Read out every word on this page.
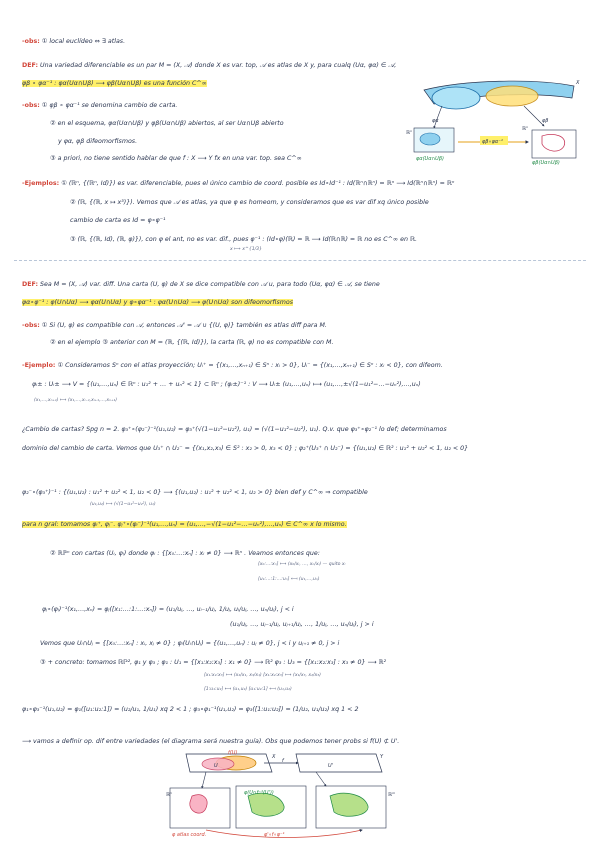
-obs: ① local euclídeo ⇔ ∃ atlas.
DEF: Una variedad diferenciable es un par M = (X, 𝒜) donde X es var. top, 𝒜 es atlas de X y, para cualq (Uα, φα) ∈ 𝒜,
φβ ∘ φα⁻¹ : φα(Uα∩Uβ) ⟶ φβ(Uα∩Uβ) es una función C^∞
-obs: ① φβ ∘ φα⁻¹ se denomina cambio de carta.
② en el esquema, φα(Uα∩Uβ) y φβ(Uα∩Uβ) abiertos, al ser Uα∩Uβ abierto
y φα, φβ difeomorfismos.
③ a priori, no tiene sentido hablar de que f : X ⟶ Y fx en una var. top. sea C^∞
φβ∘φα⁻¹
φα	φβ
ℝⁿ
ℝⁿ
X
φα(Uα∩Uβ)
φβ(Uα∩Uβ)
-Ejemplos: ① (ℝⁿ, {(ℝⁿ, Id)}) es var. diferenciable, pues el único cambio de coord. posible es Id∘Id⁻¹ : Id(ℝⁿ∩ℝⁿ) = ℝⁿ ⟶ Id(ℝⁿ∩ℝⁿ) = ℝⁿ
② (ℝ, {(ℝ, x ↦ x³)}). Vemos que 𝒜 es atlas, ya que φ es homeom, y consideramos que es var dif xq único posible
cambio de carta es Id = φ∘φ⁻¹
③ (ℝ, {(ℝ, Id), (ℝ, φ)}), con φ el ant, no es var. dif., pues φ⁻¹ : (Id∘φ)(ℝ) = ℝ ⟶ Id(ℝ∩ℝ) = ℝ no es C^∞ en ℝ.
x ⟼ x^{1/3}
DEF: Sea M = (X, 𝒜) var. diff. Una carta (U, φ) de X se dice compatible con 𝒜 u, para todo (Uα, φα) ∈ 𝒜, se tiene
φα∘φ⁻¹ : φ(U∩Uα) ⟶ φα(U∩Uα) y φ∘φα⁻¹ : φα(U∩Uα) ⟶ φ(U∩Uα) son difeomorfismos
-obs: ① Si (U, φ) es compatible con 𝒜, entonces 𝒜' = 𝒜 ∪ {(U, φ)} también es atlas diff para M.
② en el ejemplo ③ anterior con M = (ℝ, {(ℝ, Id)}), la carta (ℝ, φ) no es compatible con M.
-Ejemplo: ① Consideramos Sⁿ con el atlas proyección; Uᵢ⁺ = {(x₁,…,xₙ₊₁) ∈ Sⁿ : xᵢ > 0}, Uᵢ⁻ = {(x₁,…,xₙ₊₁) ∈ Sⁿ : xᵢ < 0}, con difeom.
φᵢ± : Uᵢ± ⟶ V = {(u₁,…,uₙ) ∈ ℝⁿ : u₁² + … + uₙ² < 1} ⊂ ℝⁿ ; (φᵢ±)⁻¹ : V ⟶ Uᵢ± (u₁,…,uₙ) ⟼ (u₁,…,±√(1−u₁²−…−uₙ²),…,uₙ)
(x₁,…,xₙ₊₁) ⟼ (x₁,…,xᵢ₋₁,xᵢ₊₁,…,xₙ₊₁)
¿Cambio de cartas? Spg n = 2. φ₃⁺∘(φ₂⁻)⁻¹(u₁,u₂) = φ₃⁺(√(1−u₁²−u₂²), u₁) = (√(1−u₁²−u₂²), u₁). Q.v. que φ₃⁺∘φ₂⁻¹ lo def; determinamos
dominio del cambio de carta. Vemos que U₃⁺ ∩ U₂⁻ = {(x₁,x₂,x₃) ∈ S² : x₂ > 0, x₃ < 0} ; φ₂⁺(U₃⁺ ∩ U₂⁻) = {(u₁,u₂) ∈ ℝ² : u₁² + u₂² < 1, u₂ < 0}
φ₂⁻∘(φ₃⁺)⁻¹ : {(u₁,u₂) : u₁² + u₂² < 1, u₂ < 0} ⟶ {(u₁,u₂) : u₁² + u₂² < 1, u₂ > 0} bien def y C^∞ ⇒ compatible
(u₁,u₂) ⟼ (√(1−u₁²−u₂²), u₁)
para n gral: tomamos φᵢ⁺, φⱼ⁻. φⱼ⁺∘(φᵢ⁻)⁻¹(u₁,…,uₙ) = (u₁,…,−√(1−u₁²−…−uₙ²),…,uₙ) ∈ C^∞ x lo mismo.
② ℝℙⁿ con cartas (Uᵢ, φᵢ) donde φᵢ : {[x₀:…:xₙ] : xᵢ ≠ 0} ⟶ ℝⁿ . Veamos entonces que:
[x₀:…:xₙ] ⟼ (x₀/xᵢ, …, xₙ/xᵢ) — quito xᵢ
[u₁:…:1:…:uₙ] ⟻ (u₁,…,uₙ)
φⱼ∘(φᵢ)⁻¹(x₁,…,xₙ) = φⱼ([x₁:…:1:…:xₙ]) = (u₁/uⱼ, …, uᵢ₋₁/uⱼ, 1/uⱼ, uᵢ/uⱼ, …, uₙ/uⱼ), j < i
(u₁/uⱼ, …, uⱼ₋₁/uⱼ, uⱼ₊₁/uⱼ, …, 1/uⱼ, …, uₙ/uⱼ), j > i
Vemos que Uᵢ∩Uⱼ = {[x₀:…:xₙ] : xᵢ, xⱼ ≠ 0} ; φᵢ(Uᵢ∩Uⱼ) = {(u₁,…,uₙ) : uⱼ ≠ 0}, j < i y uⱼ₊₁ ≠ 0, j > i
③ + concreto: tomamos ℝℙ², φ₁ y φ₃ ; φ₁ : U₁ = {[x₁:x₂:x₃] : x₁ ≠ 0} ⟶ ℝ² φ₃ : U₃ = {[x₁:x₂:x₃] : x₃ ≠ 0} ⟶ ℝ²
[x₁:x₂:x₃] ⟼ (x₂/x₁, x₃/x₁) [x₁:x₂:x₃] ⟼ (x₁/x₃, x₂/x₃)
[1:u₁:u₂] ⟻ (u₁,u₂) [u₁:u₂:1] ⟻ (u₁,u₂)
φ₁∘φ₃⁻¹(u₁,u₂) = φ₁([u₁:u₂:1]) = (u₂/u₁, 1/u₁) xq 2 < 1 ; φ₃∘φ₁⁻¹(u₁,u₂) = φ₃([1:u₁:u₂]) = (1/u₂, u₁/u₂) xq 1 < 2
⟶ vamos a definir op. dif entre variedades (el diagrama será nuestra guía). Obs que podemos tener probs si f(U) ⊄ U'.
f(U)
U	U'
X	Y
ℝⁿ	ℝᵐ
φ'∘f∘φ⁻¹
f
φ(U∩f⁻¹(U'))
φ atlas coord.
